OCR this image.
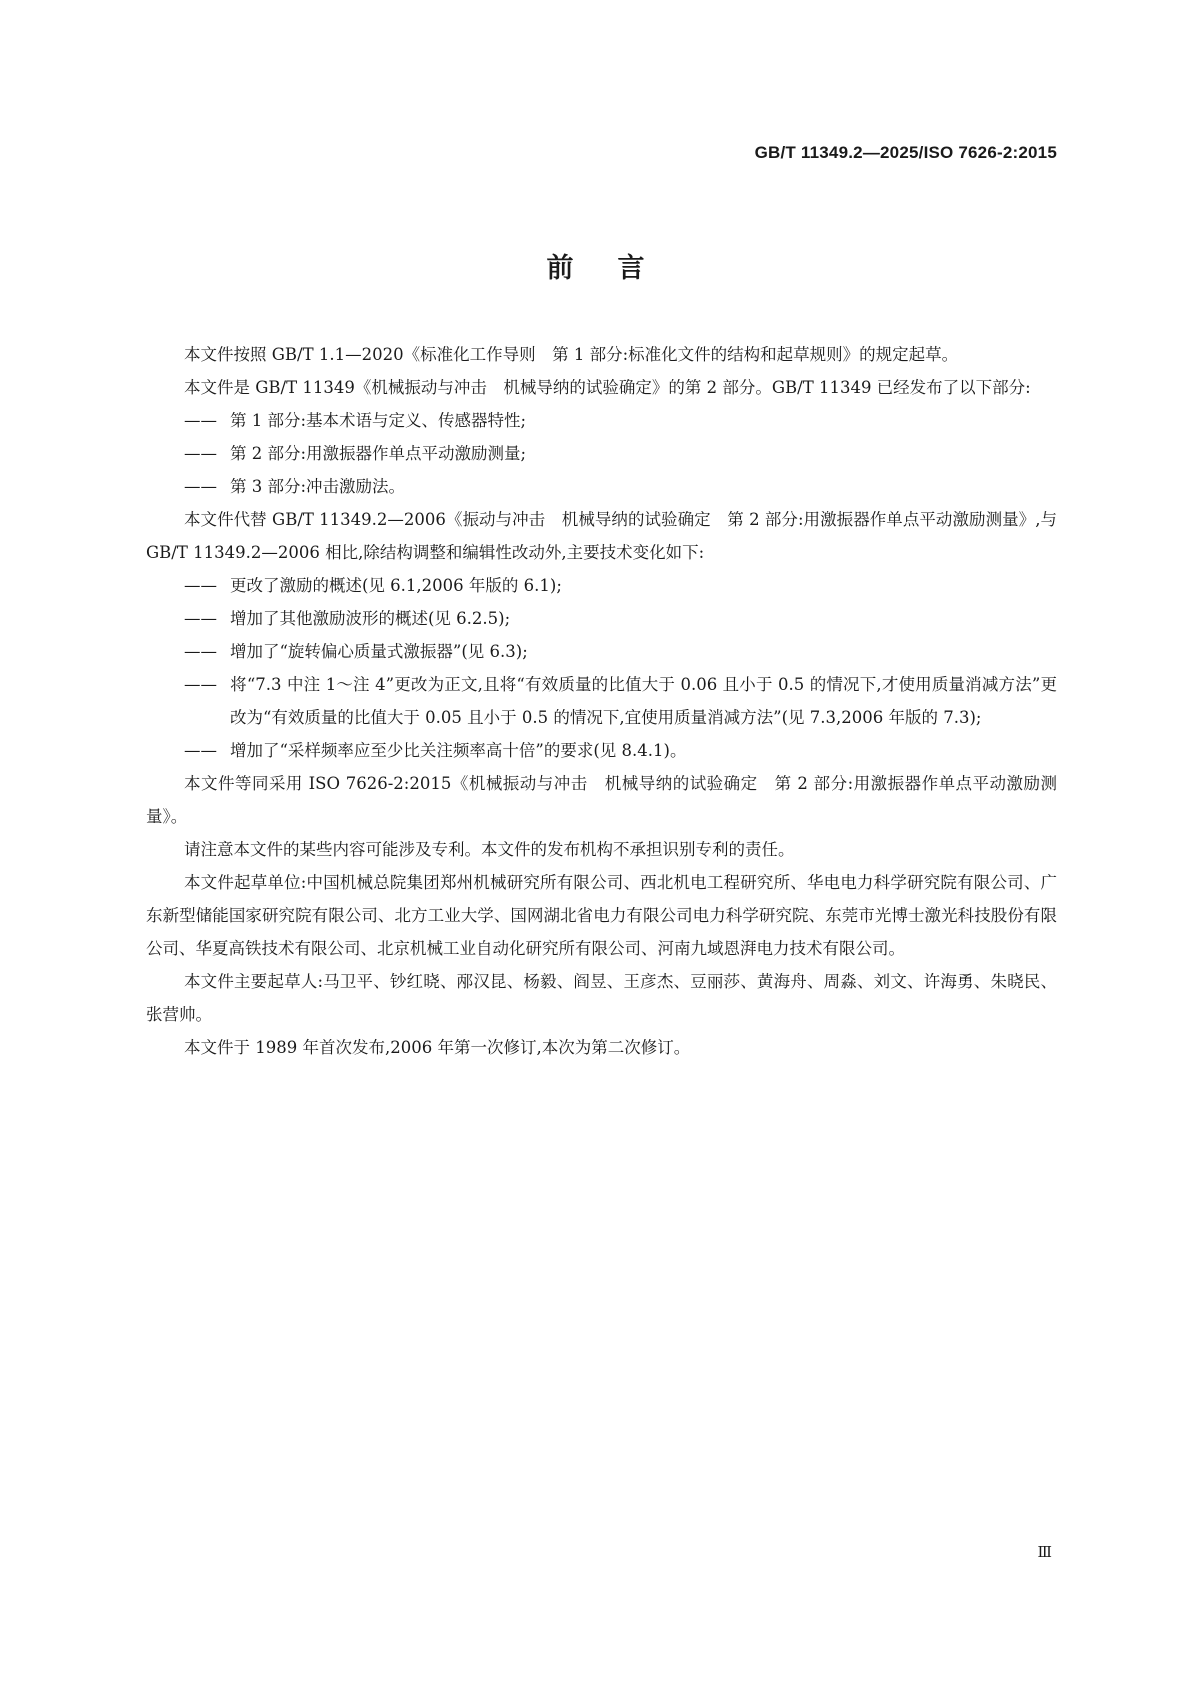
GB/T 11349.2—2025/ISO 7626-2:2015
前言

本文件按照 GB/T 1.1—2020《标准化工作导则　第 1 部分:标准化文件的结构和起草规则》的规定起草。

本文件是 GB/T 11349《机械振动与冲击　机械导纳的试验确定》的第 2 部分。GB/T 11349 已经发布了以下部分:

—— 第 1 部分:基本术语与定义、传感器特性;
—— 第 2 部分:用激振器作单点平动激励测量;
—— 第 3 部分:冲击激励法。

本文件代替 GB/T 11349.2—2006《振动与冲击　机械导纳的试验确定　第 2 部分:用激振器作单点平动激励测量》,与 GB/T 11349.2—2006 相比,除结构调整和编辑性改动外,主要技术变化如下:

—— 更改了激励的概述(见 6.1,2006 年版的 6.1);
—— 增加了其他激励波形的概述(见 6.2.5);
—— 增加了“旋转偏心质量式激振器”(见 6.3);
—— 将“7.3 中注 1～注 4”更改为正文,且将“有效质量的比值大于 0.06 且小于 0.5 的情况下,才使用质量消减方法”更改为“有效质量的比值大于 0.05 且小于 0.5 的情况下,宜使用质量消减方法”(见 7.3,2006 年版的 7.3);
—— 增加了“采样频率应至少比关注频率高十倍”的要求(见 8.4.1)。

本文件等同采用 ISO 7626-2:2015《机械振动与冲击　机械导纳的试验确定　第 2 部分:用激振器作单点平动激励测量》。

请注意本文件的某些内容可能涉及专利。本文件的发布机构不承担识别专利的责任。

本文件起草单位:中国机械总院集团郑州机械研究所有限公司、西北机电工程研究所、华电电力科学研究院有限公司、广东新型储能国家研究院有限公司、北方工业大学、国网湖北省电力有限公司电力科学研究院、东莞市光博士激光科技股份有限公司、华夏高铁技术有限公司、北京机械工业自动化研究所有限公司、河南九域恩湃电力技术有限公司。

本文件主要起草人:马卫平、钞红晓、邴汉昆、杨毅、阎昱、王彦杰、豆丽莎、黄海舟、周淼、刘文、许海勇、朱晓民、张营帅。

本文件于 1989 年首次发布,2006 年第一次修订,本次为第二次修订。

Ⅲ
